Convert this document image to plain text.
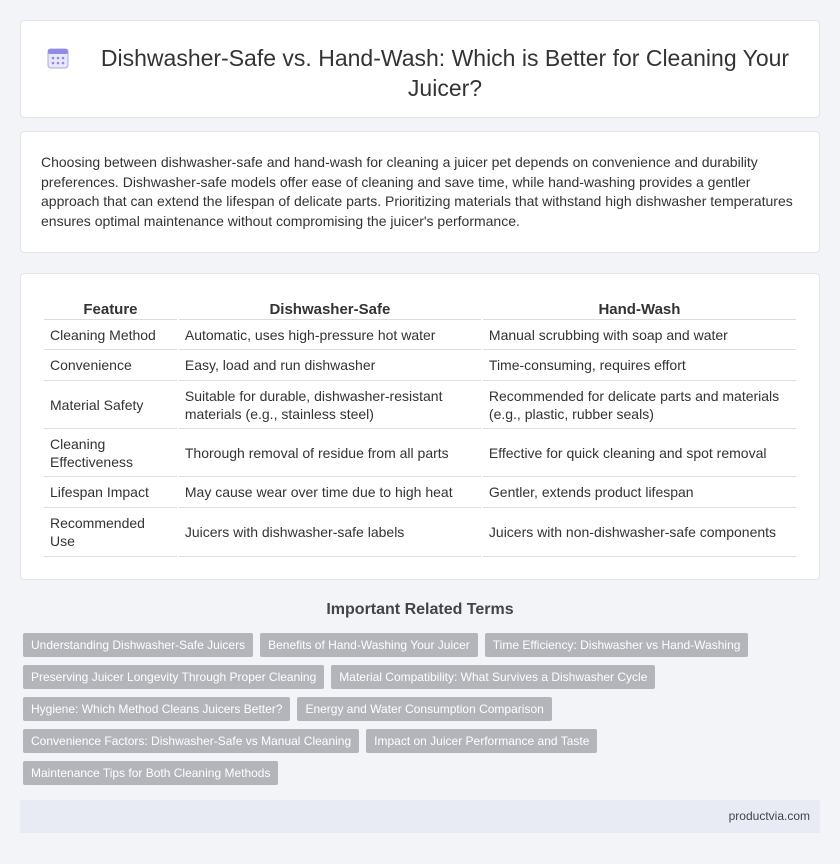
Dishwasher-Safe vs. Hand-Wash: Which is Better for Cleaning Your Juicer?

Choosing between dishwasher-safe and hand-wash for cleaning a juicer pet depends on convenience and durability preferences. Dishwasher-safe models offer ease of cleaning and save time, while hand-washing provides a gentler approach that can extend the lifespan of delicate parts. Prioritizing materials that withstand high dishwasher temperatures ensures optimal maintenance without compromising the juicer's performance.

Feature	Dishwasher-Safe	Hand-Wash
Cleaning Method	Automatic, uses high-pressure hot water	Manual scrubbing with soap and water
Convenience	Easy, load and run dishwasher	Time-consuming, requires effort
Material Safety	Suitable for durable, dishwasher-resistant materials (e.g., stainless steel)	Recommended for delicate parts and materials (e.g., plastic, rubber seals)
Cleaning Effectiveness	Thorough removal of residue from all parts	Effective for quick cleaning and spot removal
Lifespan Impact	May cause wear over time due to high heat	Gentler, extends product lifespan
Recommended Use	Juicers with dishwasher-safe labels	Juicers with non-dishwasher-safe components
Important Related Terms
Understanding Dishwasher-Safe Juicers	Benefits of Hand-Washing Your Juicer	Time Efficiency: Dishwasher vs Hand-Washing
Preserving Juicer Longevity Through Proper Cleaning	Material Compatibility: What Survives a Dishwasher Cycle
Hygiene: Which Method Cleans Juicers Better?	Energy and Water Consumption Comparison
Convenience Factors: Dishwasher-Safe vs Manual Cleaning	Impact on Juicer Performance and Taste
Maintenance Tips for Both Cleaning Methods
productvia.com
